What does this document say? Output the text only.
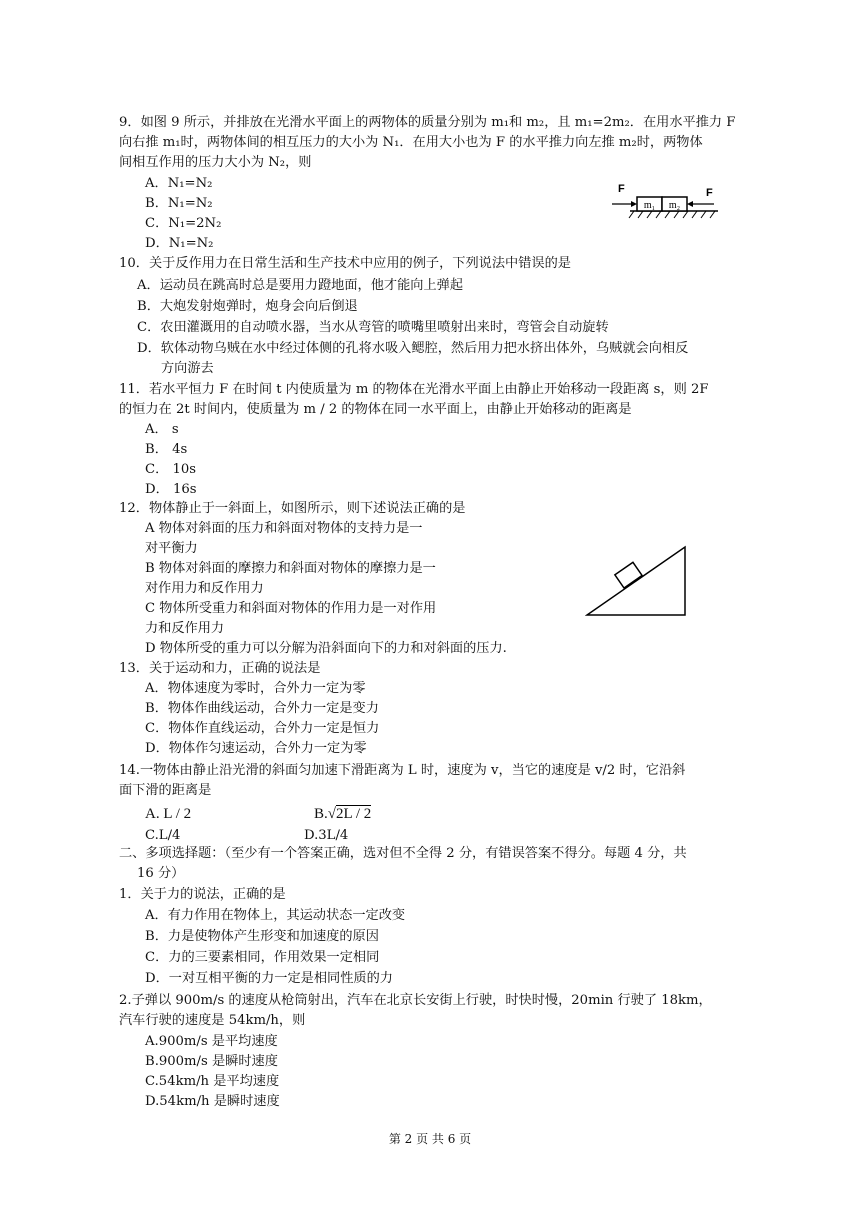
9．如图 9 所示，并排放在光滑水平面上的两物体的质量分别为 m₁和 m₂，且 m₁=2m₂．在用水平推力 F
向右推 m₁时，两物体间的相互压力的大小为 N₁．在用大小也为 F 的水平推力向左推 m₂时，两物体
间相互作用的压力大小为 N₂，则
A．N₁=N₂
B．N₁=N₂
C．N₁=2N₂
D．N₁=N₂
m₁ m₂
F	F
10．关于反作用力在日常生活和生产技术中应用的例子，下列说法中错误的是
A．运动员在跳高时总是要用力蹬地面，他才能向上弹起
B．大炮发射炮弹时，炮身会向后倒退
C．农田灌溉用的自动喷水器，当水从弯管的喷嘴里喷射出来时，弯管会自动旋转
D．软体动物乌贼在水中经过体侧的孔将水吸入鳃腔，然后用力把水挤出体外，乌贼就会向相反
方向游去
11．若水平恒力 F 在时间 t 内使质量为 m 的物体在光滑水平面上由静止开始移动一段距离 s，则 2F
的恒力在 2t 时间内，使质量为 m / 2 的物体在同一水平面上，由静止开始移动的距离是
A． s
B． 4s
C． 10s
D． 16s
12．物体静止于一斜面上，如图所示，则下述说法正确的是
A 物体对斜面的压力和斜面对物体的支持力是一
对平衡力
B 物体对斜面的摩擦力和斜面对物体的摩擦力是一
对作用力和反作用力
C 物体所受重力和斜面对物体的作用力是一对作用
力和反作用力
D 物体所受的重力可以分解为沿斜面向下的力和对斜面的压力.
13．关于运动和力，正确的说法是
A．物体速度为零时，合外力一定为零
B．物体作曲线运动，合外力一定是变力
C．物体作直线运动，合外力一定是恒力
D．物体作匀速运动，合外力一定为零
14.一物体由静止沿光滑的斜面匀加速下滑距离为 L 时，速度为 v，当它的速度是 v/2 时，它沿斜
面下滑的距离是
A. L / 2	B.√2L / 2
C.L/4	D.3L/4
二、多项选择题：（至少有一个答案正确，选对但不全得 2 分，有错误答案不得分。每题 4 分，共
16 分）
1．关于力的说法，正确的是
A．有力作用在物体上，其运动状态一定改变
B．力是使物体产生形变和加速度的原因
C．力的三要素相同，作用效果一定相同
D．一对互相平衡的力一定是相同性质的力
2.子弹以 900m/s 的速度从枪筒射出，汽车在北京长安街上行驶，时快时慢，20min 行驶了 18km，
汽车行驶的速度是 54km/h，则
A.900m/s 是平均速度
B.900m/s 是瞬时速度
C.54km/h 是平均速度
D.54km/h 是瞬时速度
第 2 页 共 6 页
